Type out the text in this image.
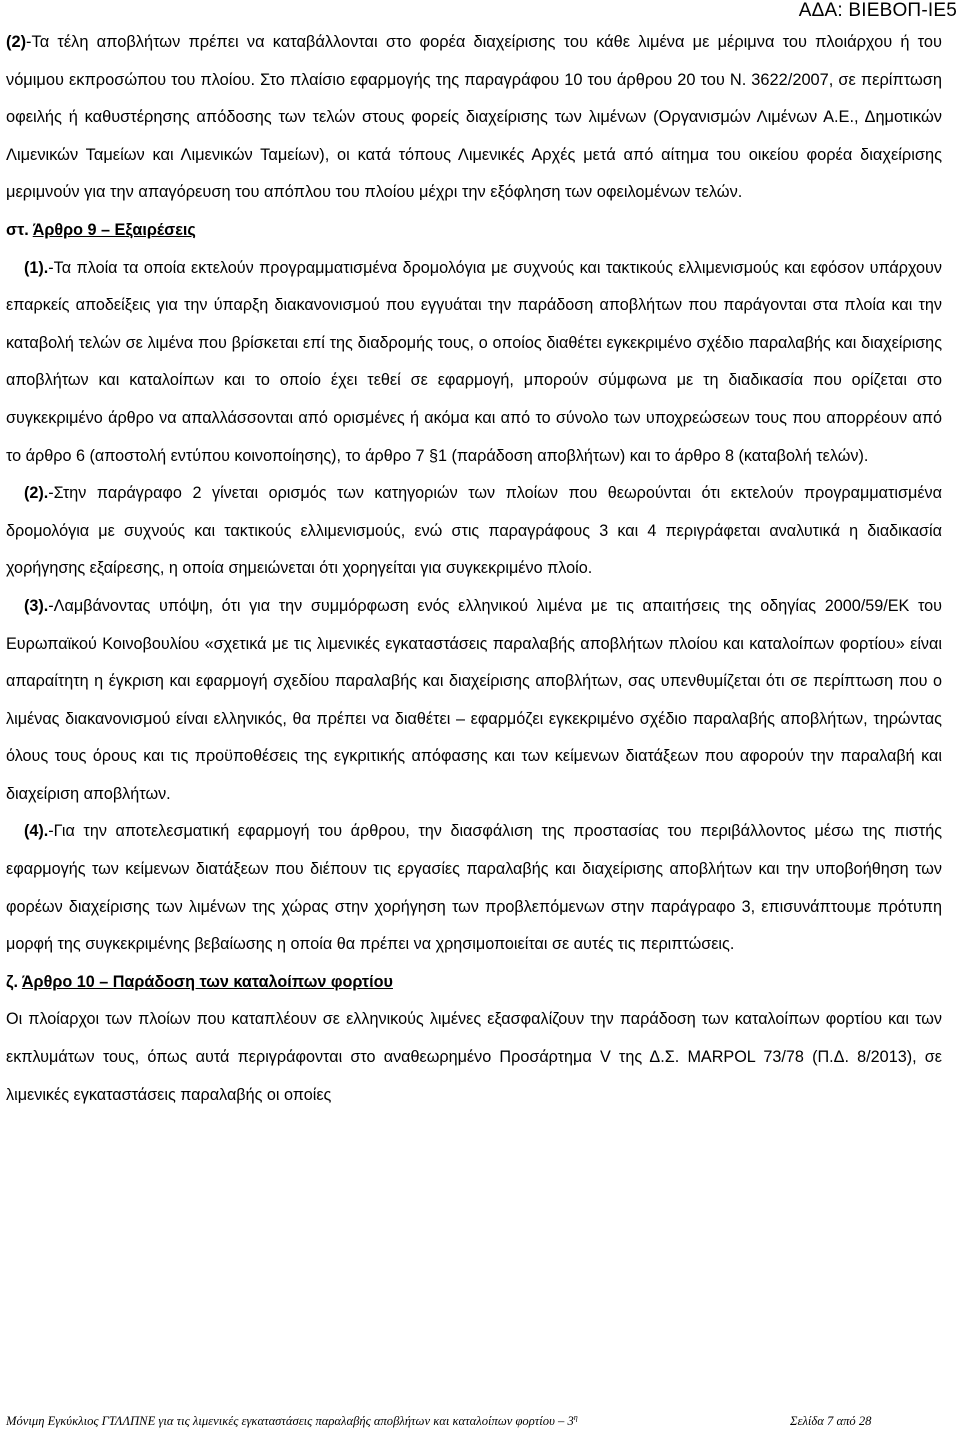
ΑΔΑ: ΒΙΕΒΟΠ-ΙΕ5

(2)-Τα τέλη αποβλήτων πρέπει να καταβάλλονται στο φορέα διαχείρισης του κάθε λιμένα με μέριμνα του πλοιάρχου ή του νόμιμου εκπροσώπου του πλοίου. Στο πλαίσιο εφαρμογής της παραγράφου 10 του άρθρου 20 του Ν. 3622/2007, σε περίπτωση οφειλής ή καθυστέρησης απόδοσης των τελών στους φορείς διαχείρισης των λιμένων (Οργανισμών Λιμένων Α.Ε., Δημοτικών Λιμενικών Ταμείων και Λιμενικών Ταμείων), οι κατά τόπους Λιμενικές Αρχές μετά από αίτημα του οικείου φορέα διαχείρισης μεριμνούν για την απαγόρευση του απόπλου του πλοίου μέχρι την εξόφληση των οφειλομένων τελών.

στ. Άρθρο 9 – Εξαιρέσεις

(1).-Τα πλοία τα οποία εκτελούν προγραμματισμένα δρομολόγια με συχνούς και τακτικούς ελλιμενισμούς και εφόσον υπάρχουν επαρκείς αποδείξεις για την ύπαρξη διακανονισμού που εγγυάται την παράδοση αποβλήτων που παράγονται στα πλοία και την καταβολή τελών σε λιμένα που βρίσκεται επί της διαδρομής τους, ο οποίος διαθέτει εγκεκριμένο σχέδιο παραλαβής και διαχείρισης αποβλήτων και καταλοίπων και το οποίο έχει τεθεί σε εφαρμογή, μπορούν σύμφωνα με τη διαδικασία που ορίζεται στο συγκεκριμένο άρθρο να απαλλάσσονται από ορισμένες ή ακόμα και από το σύνολο των υποχρεώσεων τους που απορρέουν από το άρθρο 6 (αποστολή εντύπου κοινοποίησης), το άρθρο 7 §1 (παράδοση αποβλήτων) και το άρθρο 8 (καταβολή τελών).

(2).-Στην παράγραφο 2 γίνεται ορισμός των κατηγοριών των πλοίων που θεωρούνται ότι εκτελούν προγραμματισμένα δρομολόγια με συχνούς και τακτικούς ελλιμενισμούς, ενώ στις παραγράφους 3 και 4 περιγράφεται αναλυτικά η διαδικασία χορήγησης εξαίρεσης, η οποία σημειώνεται ότι χορηγείται για συγκεκριμένο πλοίο.

(3).-Λαμβάνοντας υπόψη, ότι για την συμμόρφωση ενός ελληνικού λιμένα με τις απαιτήσεις της οδηγίας 2000/59/ΕΚ του Ευρωπαϊκού Κοινοβουλίου «σχετικά με τις λιμενικές εγκαταστάσεις παραλαβής αποβλήτων πλοίου και καταλοίπων φορτίου» είναι απαραίτητη η έγκριση και εφαρμογή σχεδίου παραλαβής και διαχείρισης αποβλήτων, σας υπενθυμίζεται ότι σε περίπτωση που ο λιμένας διακανονισμού είναι ελληνικός, θα πρέπει να διαθέτει – εφαρμόζει εγκεκριμένο σχέδιο παραλαβής αποβλήτων, τηρώντας όλους τους όρους και τις προϋποθέσεις της εγκριτικής απόφασης και των κείμενων διατάξεων που αφορούν την παραλαβή και διαχείριση αποβλήτων.

(4).-Για την αποτελεσματική εφαρμογή του άρθρου, την διασφάλιση της προστασίας του περιβάλλοντος μέσω της πιστής εφαρμογής των κείμενων διατάξεων που διέπουν τις εργασίες παραλαβής και διαχείρισης αποβλήτων και την υποβοήθηση των φορέων διαχείρισης των λιμένων της χώρας στην χορήγηση των προβλεπόμενων στην παράγραφο 3, επισυνάπτουμε πρότυπη μορφή της συγκεκριμένης βεβαίωσης η οποία θα πρέπει να χρησιμοποιείται σε αυτές τις περιπτώσεις.

ζ. Άρθρο 10 – Παράδοση των καταλοίπων φορτίου

Οι πλοίαρχοι των πλοίων που καταπλέουν σε ελληνικούς λιμένες εξασφαλίζουν την παράδοση των καταλοίπων φορτίου και των εκπλυμάτων τους, όπως αυτά περιγράφονται στο αναθεωρημένο Προσάρτημα V της Δ.Σ. MARPOL 73/78 (Π.Δ. 8/2013), σε λιμενικές εγκαταστάσεις παραλαβής οι οποίες

Μόνιμη Εγκύκλιος ΓΤΛΛΠΝΕ για τις λιμενικές εγκαταστάσεις παραλαβής αποβλήτων και καταλοίπων φορτίου – $3^\eta$	Σελίδα 7 από 28
